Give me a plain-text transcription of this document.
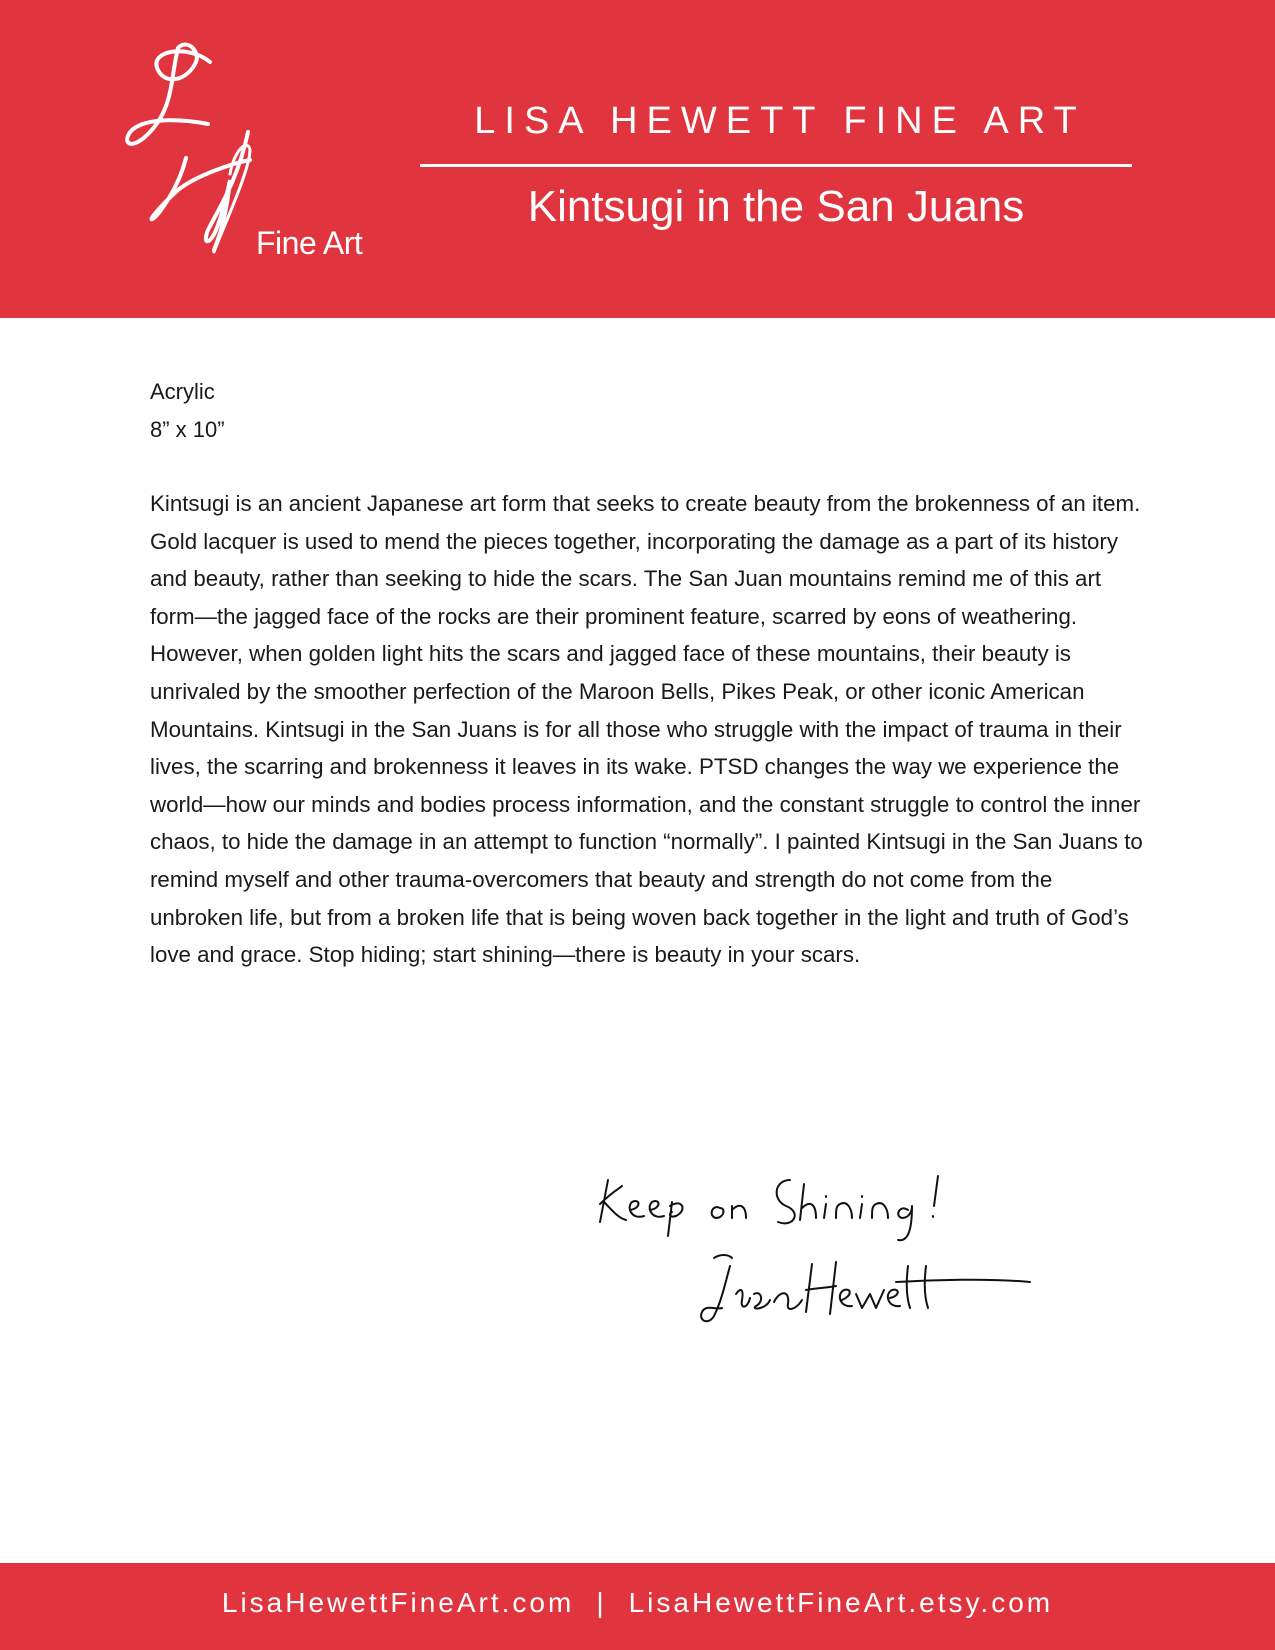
Fine Art
LISA HEWETT FINE ART
Kintsugi in the San Juans
Acrylic
8” x 10”
Kintsugi is an ancient Japanese art form that seeks to create beauty from the brokenness of an item. Gold lacquer is used to mend the pieces together, incorporating the damage as a part of its history and beauty, rather than seeking to hide the scars. The San Juan mountains remind me of this art form—the jagged face of the rocks are their prominent feature, scarred by eons of weathering. However, when golden light hits the scars and jagged face of these mountains, their beauty is unrivaled by the smoother perfection of the Maroon Bells, Pikes Peak, or other iconic American Mountains. Kintsugi in the San Juans is for all those who struggle with the impact of trauma in their lives, the scarring and brokenness it leaves in its wake. PTSD changes the way we experience the world—how our minds and bodies process information, and the constant struggle to control the inner chaos, to hide the damage in an attempt to function “normally”. I painted Kintsugi in the San Juans to remind myself and other trauma-overcomers that beauty and strength do not come from the unbroken life, but from a broken life that is being woven back together in the light and truth of God’s love and grace. Stop hiding; start shining—there is beauty in your scars.
LisaHewettFineArt.com | LisaHewettFineArt.etsy.com
